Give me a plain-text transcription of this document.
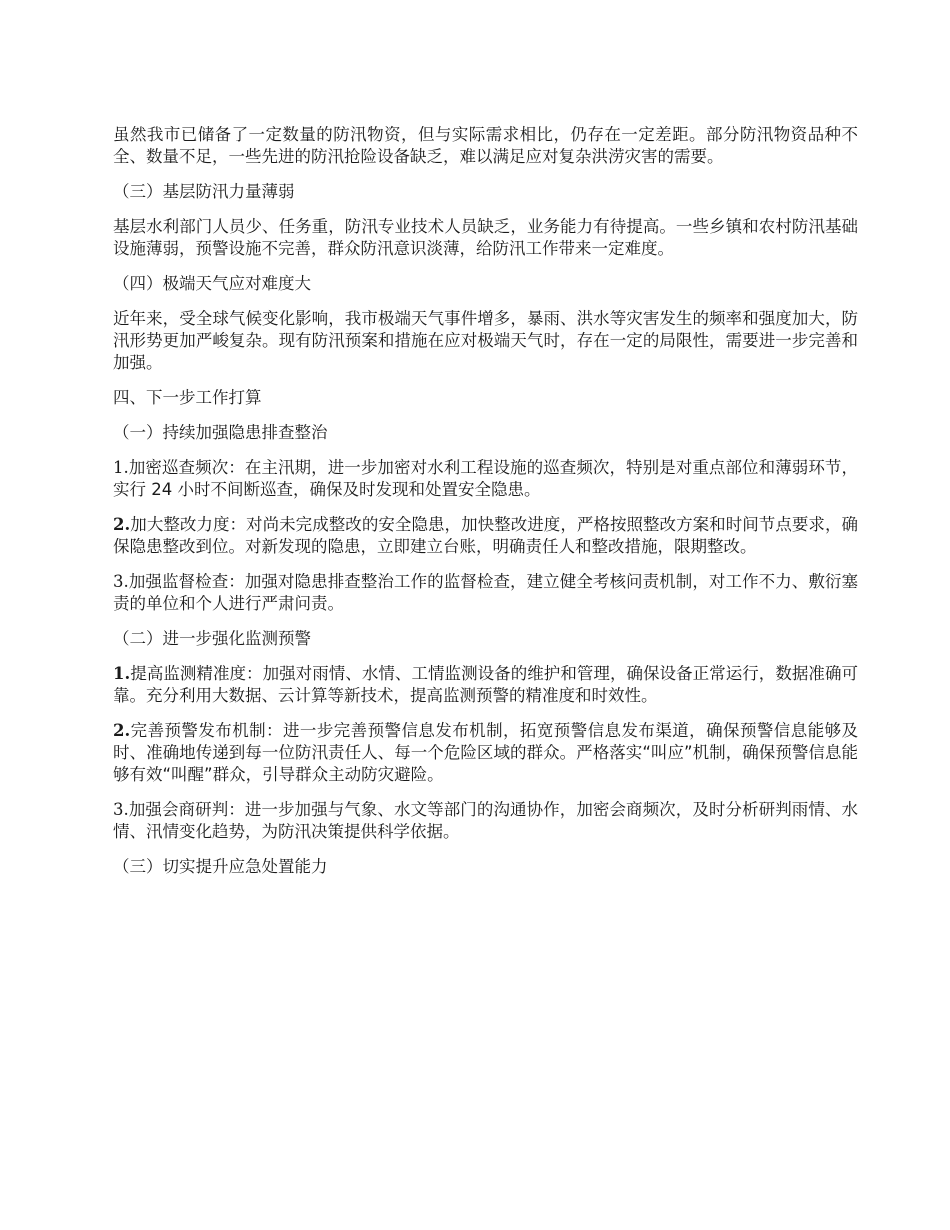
虽然我市已储备了一定数量的防汛物资，但与实际需求相比，仍存在一定差距。部分防汛物资品种不全、数量不足，一些先进的防汛抢险设备缺乏，难以满足应对复杂洪涝灾害的需要。

（三）基层防汛力量薄弱

基层水利部门人员少、任务重，防汛专业技术人员缺乏，业务能力有待提高。一些乡镇和农村防汛基础设施薄弱，预警设施不完善，群众防汛意识淡薄，给防汛工作带来一定难度。

（四）极端天气应对难度大

近年来，受全球气候变化影响，我市极端天气事件增多，暴雨、洪水等灾害发生的频率和强度加大，防汛形势更加严峻复杂。现有防汛预案和措施在应对极端天气时，存在一定的局限性，需要进一步完善和加强。

四、下一步工作打算

（一）持续加强隐患排查整治

1.加密巡查频次：在主汛期，进一步加密对水利工程设施的巡查频次，特别是对重点部位和薄弱环节，实行 24 小时不间断巡查，确保及时发现和处置安全隐患。

2.加大整改力度：对尚未完成整改的安全隐患，加快整改进度，严格按照整改方案和时间节点要求，确保隐患整改到位。对新发现的隐患，立即建立台账，明确责任人和整改措施，限期整改。

3.加强监督检查：加强对隐患排查整治工作的监督检查，建立健全考核问责机制，对工作不力、敷衍塞责的单位和个人进行严肃问责。

（二）进一步强化监测预警

1.提高监测精准度：加强对雨情、水情、工情监测设备的维护和管理，确保设备正常运行，数据准确可靠。充分利用大数据、云计算等新技术，提高监测预警的精准度和时效性。

2.完善预警发布机制：进一步完善预警信息发布机制，拓宽预警信息发布渠道，确保预警信息能够及时、准确地传递到每一位防汛责任人、每一个危险区域的群众。严格落实“叫应”机制，确保预警信息能够有效“叫醒”群众，引导群众主动防灾避险。

3.加强会商研判：进一步加强与气象、水文等部门的沟通协作，加密会商频次，及时分析研判雨情、水情、汛情变化趋势，为防汛决策提供科学依据。

（三）切实提升应急处置能力
